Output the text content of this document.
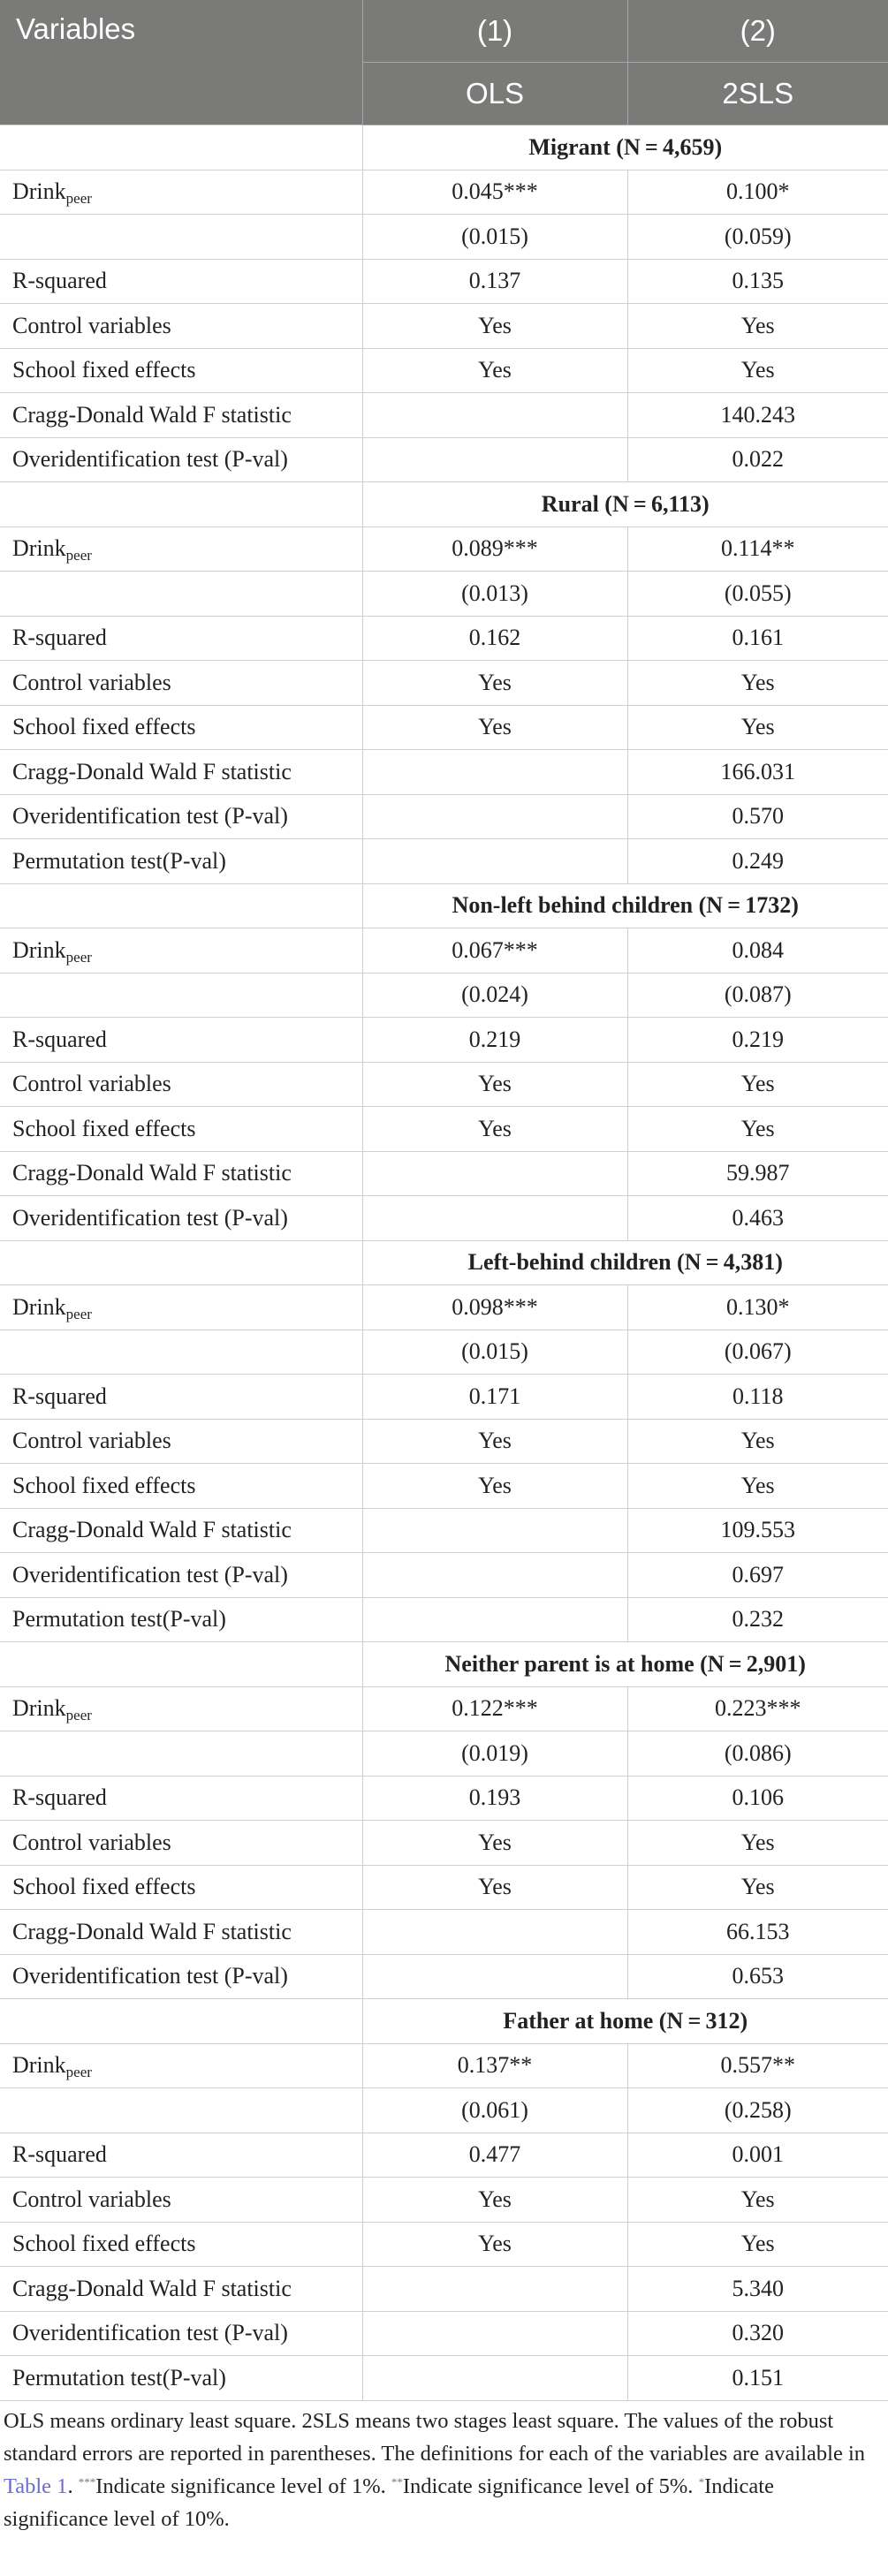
Variables	(1)	(2)
	OLS	2SLS
	Migrant (N = 4,659)	
Drink$_{peer}$	0.045***	0.100*
	(0.015)	(0.059)
R-squared	0.137	0.135
Control variables	Yes	Yes
School fixed effects	Yes	Yes
Cragg-Donald Wald F statistic		140.243
Overidentification test (P-val)		0.022
	Rural (N = 6,113)	
Drink$_{peer}$	0.089***	0.114**
	(0.013)	(0.055)
R-squared	0.162	0.161
Control variables	Yes	Yes
School fixed effects	Yes	Yes
Cragg-Donald Wald F statistic		166.031
Overidentification test (P-val)		0.570
Permutation test(P-val)		0.249
	Non-left behind children (N = 1732)	
Drink$_{peer}$	0.067***	0.084
	(0.024)	(0.087)
R-squared	0.219	0.219
Control variables	Yes	Yes
School fixed effects	Yes	Yes
Cragg-Donald Wald F statistic		59.987
Overidentification test (P-val)		0.463
	Left-behind children (N = 4,381)	
Drink$_{peer}$	0.098***	0.130*
	(0.015)	(0.067)
R-squared	0.171	0.118
Control variables	Yes	Yes
School fixed effects	Yes	Yes
Cragg-Donald Wald F statistic		109.553
Overidentification test (P-val)		0.697
Permutation test(P-val)		0.232
	Neither parent is at home (N = 2,901)	
Drink$_{peer}$	0.122***	0.223***
	(0.019)	(0.086)
R-squared	0.193	0.106
Control variables	Yes	Yes
School fixed effects	Yes	Yes
Cragg-Donald Wald F statistic		66.153
Overidentification test (P-val)		0.653
	Father at home (N = 312)	
Drink$_{peer}$	0.137**	0.557**
	(0.061)	(0.258)
R-squared	0.477	0.001
Control variables	Yes	Yes
School fixed effects	Yes	Yes
Cragg-Donald Wald F statistic		5.340
Overidentification test (P-val)		0.320
Permutation test(P-val)		0.151

OLS means ordinary least square. 2SLS means two stages least square. The values of the robust standard errors are reported in parentheses. The definitions for each of the variables are available in Table 1. ***Indicate significance level of 1%. **Indicate significance level of 5%. *Indicate significance level of 10%.
